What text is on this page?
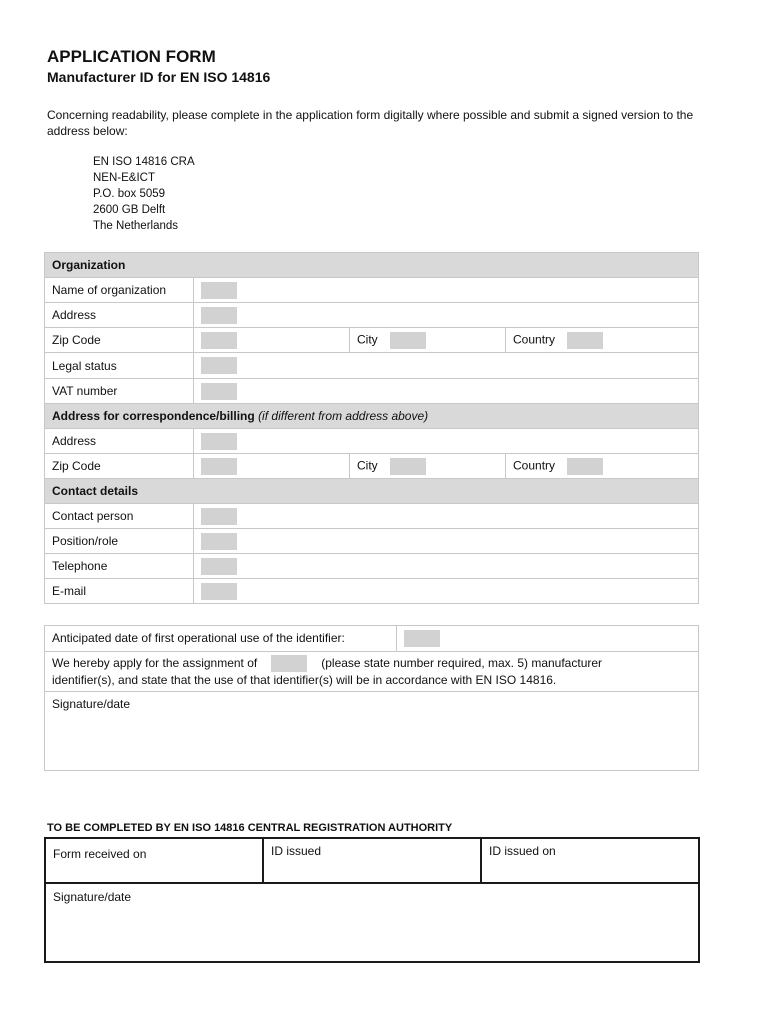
APPLICATION FORM
Manufacturer ID for EN ISO 14816
Concerning readability, please complete in the application form digitally where possible and submit a signed version to the address below:
EN ISO 14816 CRA
NEN-E&ICT
P.O. box 5059
2600 GB Delft
The Netherlands
Organization			
Name of organization			
Address			
Zip Code		City	Country
Legal status			
VAT number			
Address for correspondence/billing (if different from address above)			
Address			
Zip Code		City	Country
Contact details			
Contact person			
Position/role			
Telephone			
E-mail			
Anticipated date of first operational use of the identifier:
We hereby apply for the assignment of	(please state number required, max. 5) manufacturer
identifier(s), and state that the use of that identifier(s) will be in accordance with EN ISO 14816.
Signature/date
TO BE COMPLETED BY EN ISO 14816 CENTRAL REGISTRATION AUTHORITY
Form received on	ID issued	ID issued on
Signature/date
